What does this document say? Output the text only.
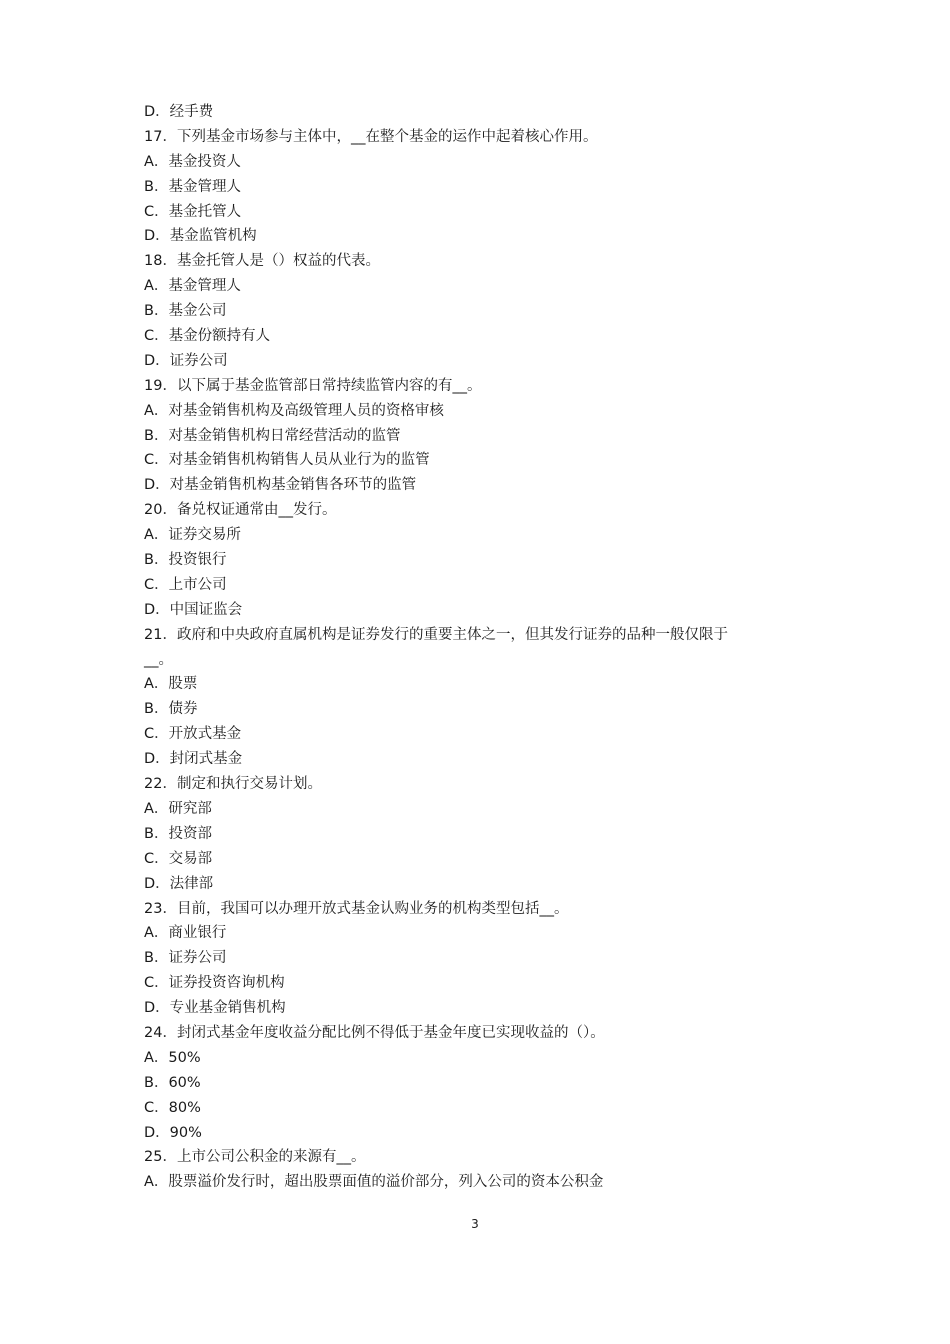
D．经手费
17．下列基金市场参与主体中，__在整个基金的运作中起着核心作用。
A．基金投资人
B．基金管理人
C．基金托管人
D．基金监管机构
18．基金托管人是（）权益的代表。
A．基金管理人
B．基金公司
C．基金份额持有人
D．证券公司
19．以下属于基金监管部日常持续监管内容的有__。
A．对基金销售机构及高级管理人员的资格审核
B．对基金销售机构日常经营活动的监管
C．对基金销售机构销售人员从业行为的监管
D．对基金销售机构基金销售各环节的监管
20．备兑权证通常由__发行。
A．证券交易所
B．投资银行
C．上市公司
D．中国证监会
21．政府和中央政府直属机构是证券发行的重要主体之一，但其发行证券的品种一般仅限于
__。
A．股票
B．债券
C．开放式基金
D．封闭式基金
22．制定和执行交易计划。
A．研究部
B．投资部
C．交易部
D．法律部
23．目前，我国可以办理开放式基金认购业务的机构类型包括__。
A．商业银行
B．证券公司
C．证券投资咨询机构
D．专业基金销售机构
24．封闭式基金年度收益分配比例不得低于基金年度已实现收益的（）。
A．50%
B．60%
C．80%
D．90%
25．上市公司公积金的来源有__。
A．股票溢价发行时，超出股票面值的溢价部分，列入公司的资本公积金
3
